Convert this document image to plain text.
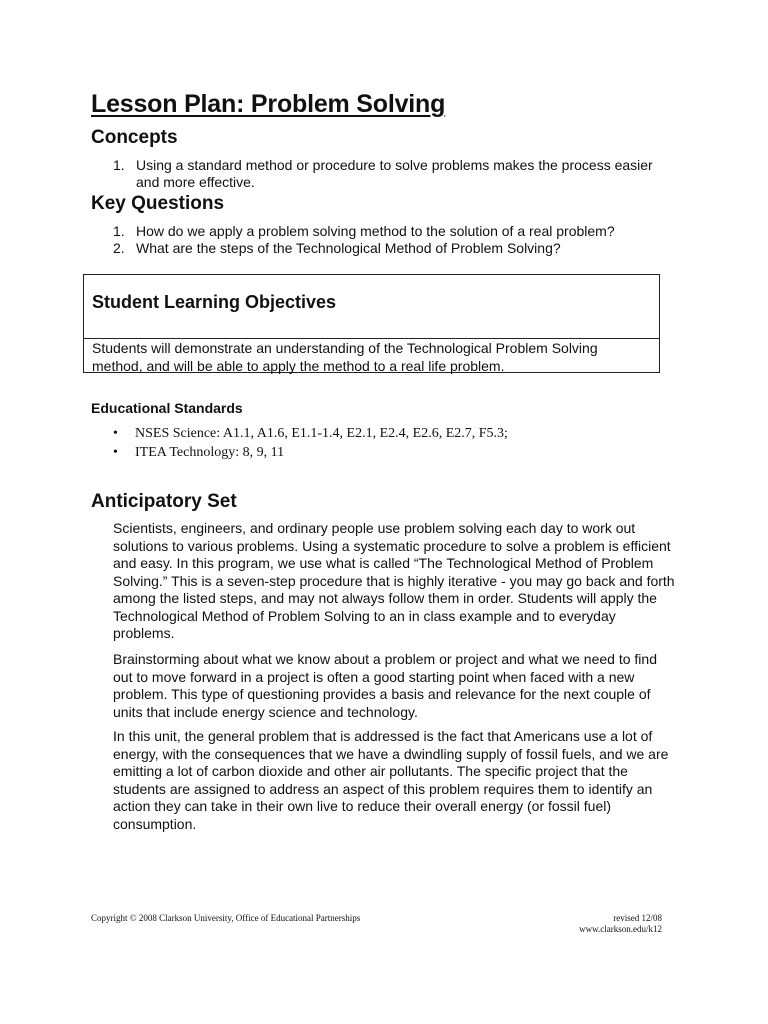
Lesson Plan: Problem Solving
Concepts
1. Using a standard method or procedure to solve problems makes the process easier and more effective.
Key Questions
1. How do we apply a problem solving method to the solution of a real problem?
2. What are the steps of the Technological Method of Problem Solving?
Student Learning Objectives

Students will demonstrate an understanding of the Technological Problem Solving method, and will be able to apply the method to a real life problem.

Educational Standards
• NSES Science: A1.1, A1.6, E1.1-1.4, E2.1, E2.4, E2.6, E2.7, F5.3;
• ITEA Technology: 8, 9, 11
Anticipatory Set

Scientists, engineers, and ordinary people use problem solving each day to work out solutions to various problems. Using a systematic procedure to solve a problem is efficient and easy. In this program, we use what is called “The Technological Method of Problem Solving.” This is a seven-step procedure that is highly iterative - you may go back and forth among the listed steps, and may not always follow them in order. Students will apply the Technological Method of Problem Solving to an in class example and to everyday problems.

Brainstorming about what we know about a problem or project and what we need to find out to move forward in a project is often a good starting point when faced with a new problem. This type of questioning provides a basis and relevance for the next couple of units that include energy science and technology.

In this unit, the general problem that is addressed is the fact that Americans use a lot of energy, with the consequences that we have a dwindling supply of fossil fuels, and we are emitting a lot of carbon dioxide and other air pollutants. The specific project that the students are assigned to address an aspect of this problem requires them to identify an action they can take in their own live to reduce their overall energy (or fossil fuel) consumption.

Copyright © 2008 Clarkson University, Office of Educational Partnerships	revised 12/08
www.clarkson.edu/k12
